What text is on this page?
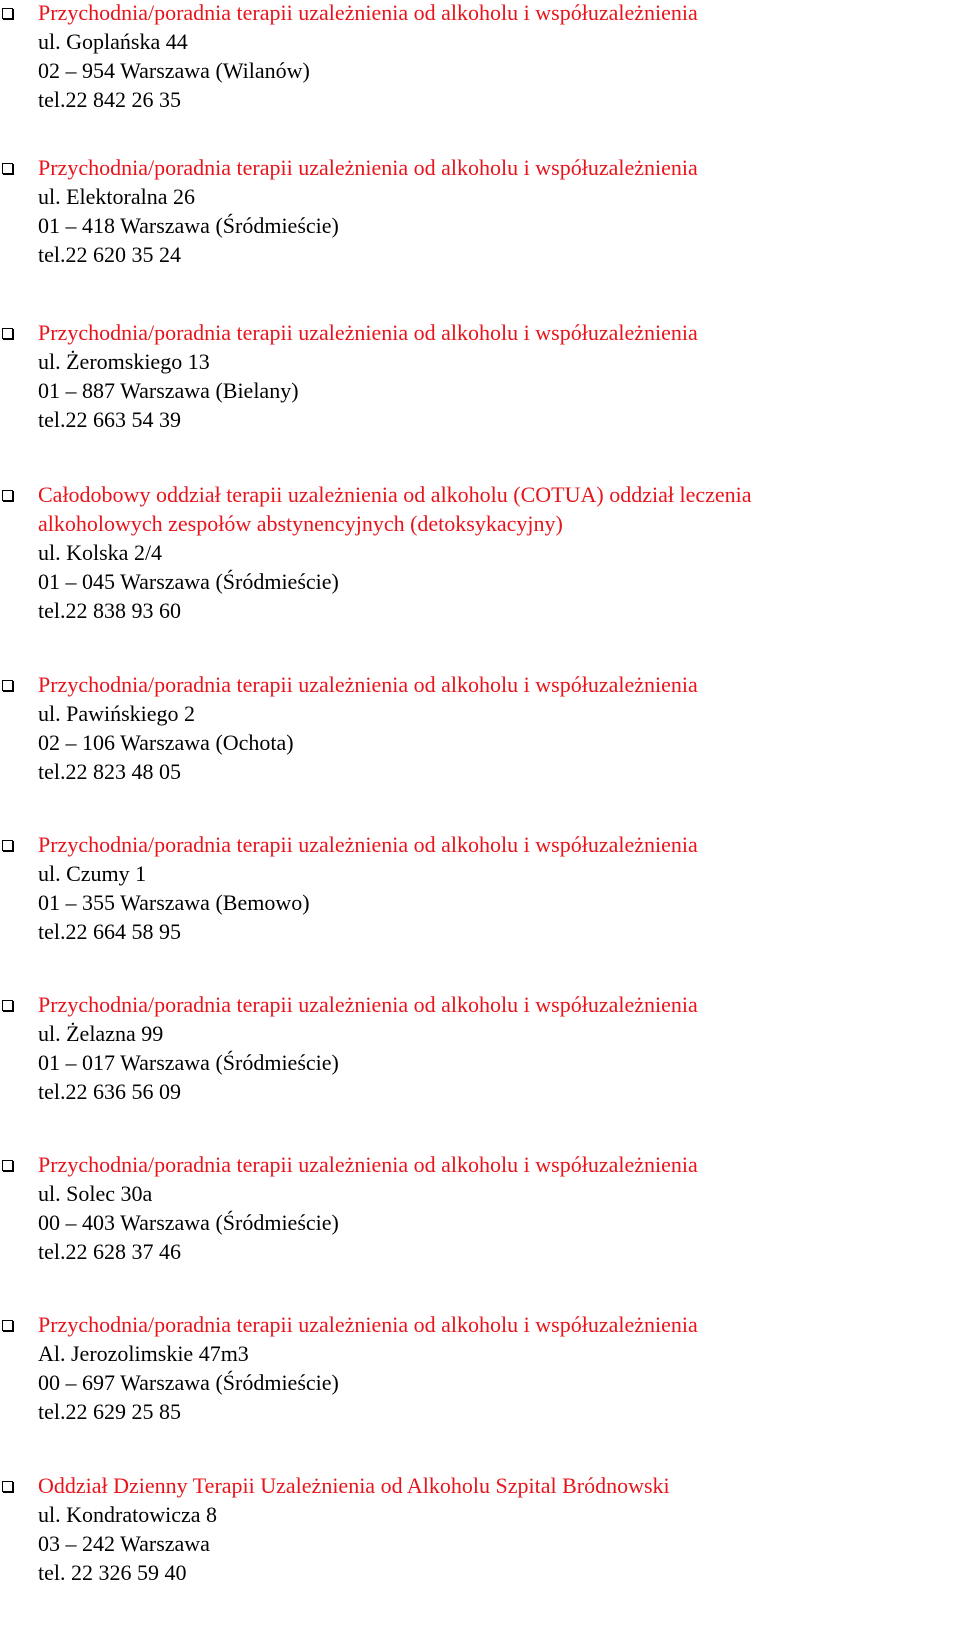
Przychodnia/poradnia terapii uzależnienia od alkoholu i współuzależnienia
ul. Goplańska 44
02 – 954 Warszawa (Wilanów)
tel.22 842 26 35
Przychodnia/poradnia terapii uzależnienia od alkoholu i współuzależnienia
ul. Elektoralna 26
01 – 418 Warszawa (Śródmieście)
tel.22 620 35 24
Przychodnia/poradnia terapii uzależnienia od alkoholu i współuzależnienia
ul. Żeromskiego 13
01 – 887 Warszawa (Bielany)
tel.22 663 54 39
Całodobowy oddział terapii uzależnienia od alkoholu (COTUA) oddział leczenia
alkoholowych zespołów abstynencyjnych (detoksykacyjny)
ul. Kolska 2/4
01 – 045 Warszawa (Śródmieście)
tel.22 838 93 60
Przychodnia/poradnia terapii uzależnienia od alkoholu i współuzależnienia
ul. Pawińskiego 2
02 – 106 Warszawa (Ochota)
tel.22 823 48 05
Przychodnia/poradnia terapii uzależnienia od alkoholu i współuzależnienia
ul. Czumy 1
01 – 355 Warszawa (Bemowo)
tel.22 664 58 95
Przychodnia/poradnia terapii uzależnienia od alkoholu i współuzależnienia
ul. Żelazna 99
01 – 017 Warszawa (Śródmieście)
tel.22 636 56 09
Przychodnia/poradnia terapii uzależnienia od alkoholu i współuzależnienia
ul. Solec 30a
00 – 403 Warszawa (Śródmieście)
tel.22 628 37 46
Przychodnia/poradnia terapii uzależnienia od alkoholu i współuzależnienia
Al. Jerozolimskie 47m3
00 – 697 Warszawa (Śródmieście)
tel.22 629 25 85
Oddział Dzienny Terapii Uzależnienia od Alkoholu Szpital Bródnowski
ul. Kondratowicza 8
03 – 242 Warszawa
tel. 22 326 59 40
